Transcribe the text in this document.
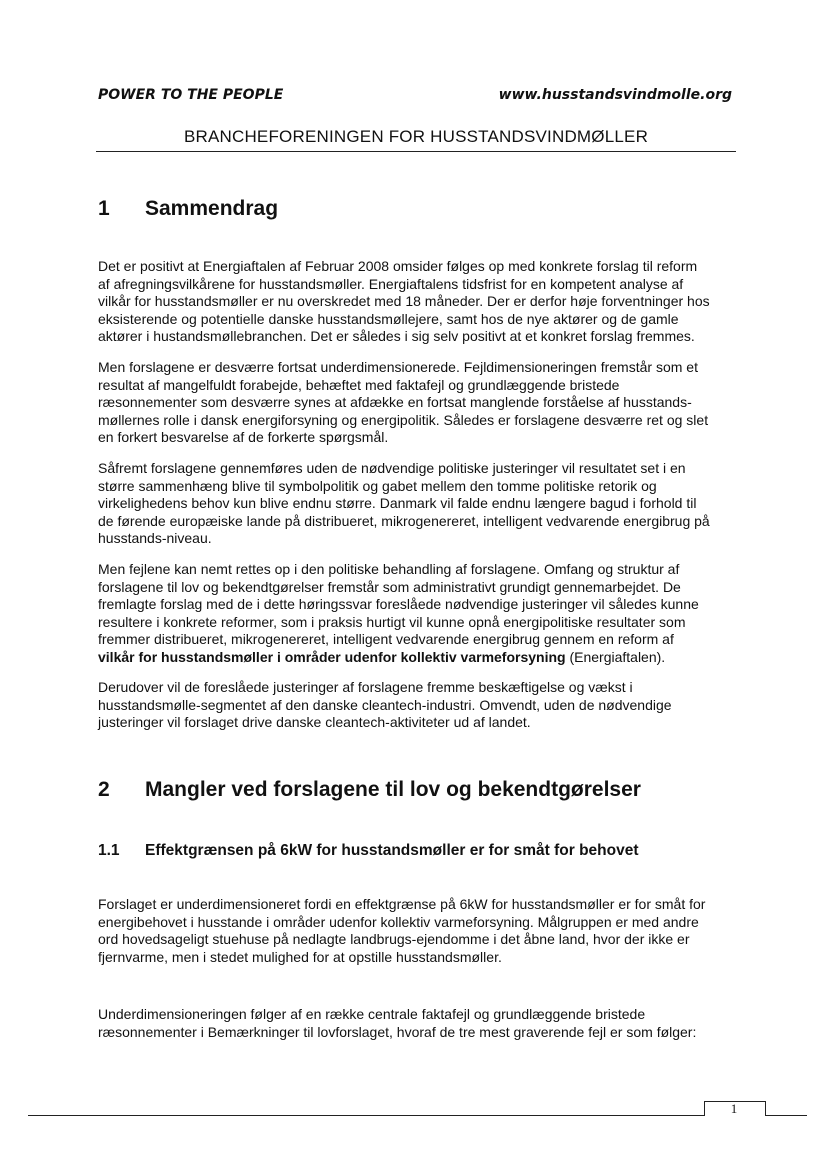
POWER TO THE PEOPLE	www.husstandsvindmolle.org
BRANCHEFORENINGEN FOR HUSSTANDSVINDMØLLER
1 Sammendrag
Det er positivt at Energiaftalen af Februar 2008 omsider følges op med konkrete forslag til reform
af afregningsvilkårene for husstandsmøller. Energiaftalens tidsfrist for en kompetent analyse af
vilkår for husstandsmøller er nu overskredet med 18 måneder. Der er derfor høje forventninger hos
eksisterende og potentielle danske husstandsmøllejere, samt hos de nye aktører og de gamle
aktører i hustandsmøllebranchen. Det er således i sig selv positivt at et konkret forslag fremmes.
Men forslagene er desværre fortsat underdimensionerede. Fejldimensioneringen fremstår som et
resultat af mangelfuldt forabejde, behæftet med faktafejl og grundlæggende bristede
ræsonnementer som desværre synes at afdække en fortsat manglende forståelse af husstands-
møllernes rolle i dansk energiforsyning og energipolitik. Således er forslagene desværre ret og slet
en forkert besvarelse af de forkerte spørgsmål.
Såfremt forslagene gennemføres uden de nødvendige politiske justeringer vil resultatet set i en
større sammenhæng blive til symbolpolitik og gabet mellem den tomme politiske retorik og
virkelighedens behov kun blive endnu større. Danmark vil falde endnu længere bagud i forhold til
de førende europæiske lande på distribueret, mikrogenereret, intelligent vedvarende energibrug på
husstands-niveau.
Men fejlene kan nemt rettes op i den politiske behandling af forslagene. Omfang og struktur af
forslagene til lov og bekendtgørelser fremstår som administrativt grundigt gennemarbejdet. De
fremlagte forslag med de i dette høringssvar foreslåede nødvendige justeringer vil således kunne
resultere i konkrete reformer, som i praksis hurtigt vil kunne opnå energipolitiske resultater som
fremmer distribueret, mikrogenereret, intelligent vedvarende energibrug gennem en reform af
vilkår for husstandsmøller i områder udenfor kollektiv varmeforsyning (Energiaftalen).
Derudover vil de foreslåede justeringer af forslagene fremme beskæftigelse og vækst i
husstandsmølle-segmentet af den danske cleantech-industri. Omvendt, uden de nødvendige
justeringer vil forslaget drive danske cleantech-aktiviteter ud af landet.
2 Mangler ved forslagene til lov og bekendtgørelser
1.1 Effektgrænsen på 6kW for husstandsmøller er for småt for behovet
Forslaget er underdimensioneret fordi en effektgrænse på 6kW for husstandsmøller er for småt for
energibehovet i husstande i områder udenfor kollektiv varmeforsyning. Målgruppen er med andre
ord hovedsageligt stuehuse på nedlagte landbrugs-ejendomme i det åbne land, hvor der ikke er
fjernvarme, men i stedet mulighed for at opstille husstandsmøller.
Underdimensioneringen følger af en række centrale faktafejl og grundlæggende bristede
ræsonnementer i Bemærkninger til lovforslaget, hvoraf de tre mest graverende fejl er som følger:
1
